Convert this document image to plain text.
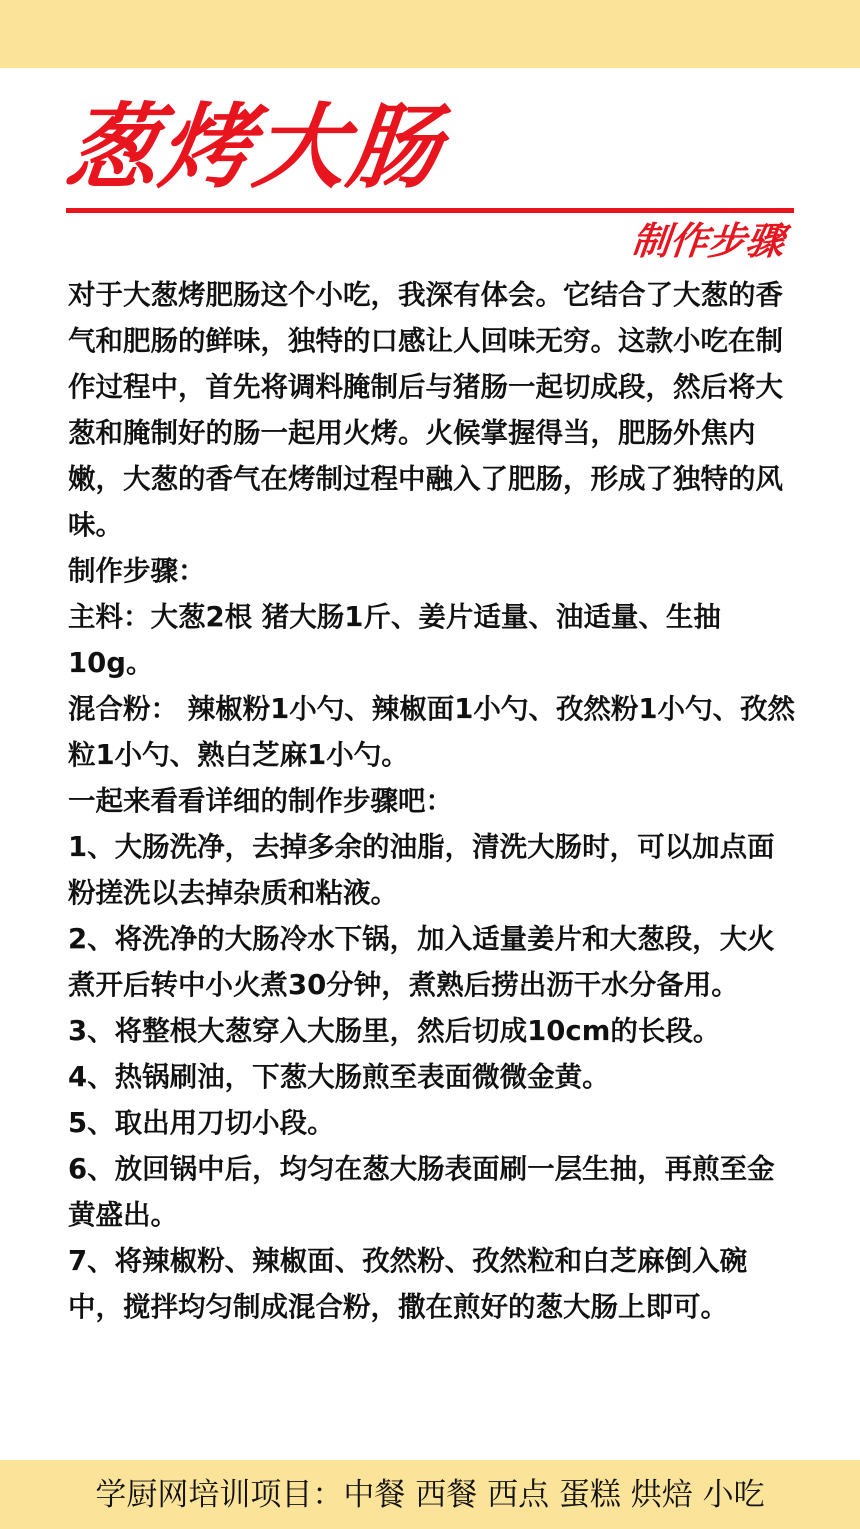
葱烤大肠
制作步骤

对于大葱烤肥肠这个小吃，我深有体会。它结合了大葱的香气和肥肠的鲜味，独特的口感让人回味无穷。这款小吃在制作过程中，首先将调料腌制后与猪肠一起切成段，然后将大葱和腌制好的肠一起用火烤。火候掌握得当，肥肠外焦内嫩，大葱的香气在烤制过程中融入了肥肠，形成了独特的风味。

制作步骤：

主料：大葱2根 猪大肠1斤、姜片适量、油适量、生抽10g。

混合粉： 辣椒粉1小勺、辣椒面1小勺、孜然粉1小勺、孜然粒1小勺、熟白芝麻1小勺。

一起来看看详细的制作步骤吧：

1、大肠洗净，去掉多余的油脂，清洗大肠时，可以加点面粉搓洗以去掉杂质和粘液。

2、将洗净的大肠冷水下锅，加入适量姜片和大葱段，大火煮开后转中小火煮30分钟，煮熟后捞出沥干水分备用。

3、将整根大葱穿入大肠里，然后切成10cm的长段。

4、热锅刷油，下葱大肠煎至表面微微金黄。

5、取出用刀切小段。

6、放回锅中后，均匀在葱大肠表面刷一层生抽，再煎至金黄盛出。

7、将辣椒粉、辣椒面、孜然粉、孜然粒和白芝麻倒入碗中，搅拌均匀制成混合粉，撒在煎好的葱大肠上即可。

学厨网培训项目：中餐 西餐 西点 蛋糕 烘焙 小吃
